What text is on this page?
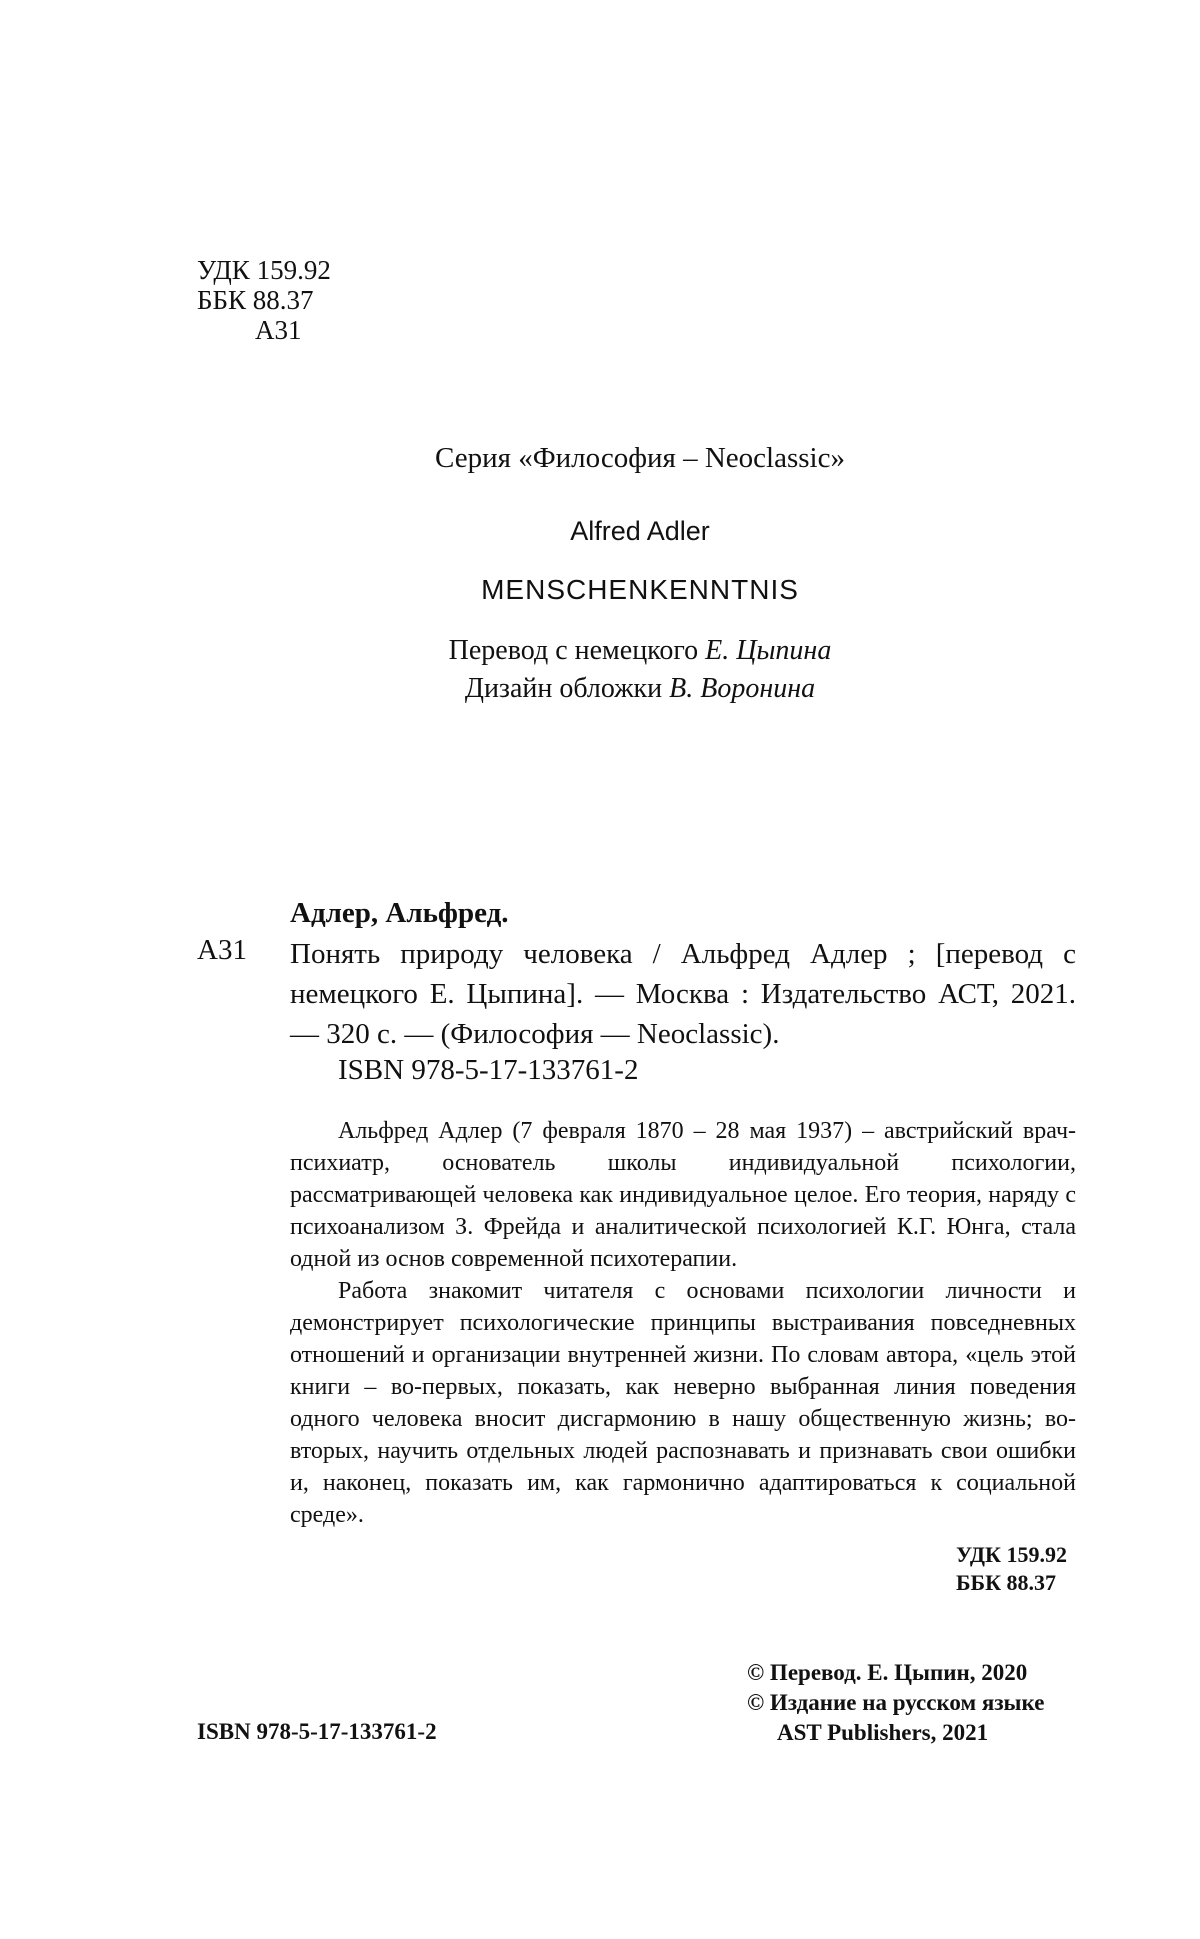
УДК 159.92
ББК 88.37
А31
Серия «Философия – Neoclassic»
Alfred Adler
MENSCHENKENNTNIS
Перевод с немецкого Е. Цыпина
Дизайн обложки В. Воронина
Адлер, Альфред.
А31 Понять природу человека / Альфред Адлер ; [перевод с немецкого Е. Цыпина]. — Москва : Издательство АСТ, 2021. — 320 с. — (Философия — Neoclassic).
ISBN 978-5-17-133761-2

Альфред Адлер (7 февраля 1870 – 28 мая 1937) – австрийский врач-психиатр, основатель школы индивидуальной психологии, рассматривающей человека как индивидуальное целое. Его теория, наряду с психоанализом З. Фрейда и аналитической психологией К.Г. Юнга, стала одной из основ современной психотерапии.

Работа знакомит читателя с основами психологии личности и демонстрирует психологические принципы выстраивания повседневных отношений и организации внутренней жизни. По словам автора, «цель этой книги – во-первых, показать, как неверно выбранная линия поведения одного человека вносит дисгармонию в нашу общественную жизнь; во-вторых, научить отдельных людей распознавать и признавать свои ошибки и, наконец, показать им, как гармонично адаптироваться к социальной среде».

УДК 159.92
ББК 88.37
© Перевод. Е. Цыпин, 2020
© Издание на русском языке
AST Publishers, 2021
ISBN 978-5-17-133761-2
